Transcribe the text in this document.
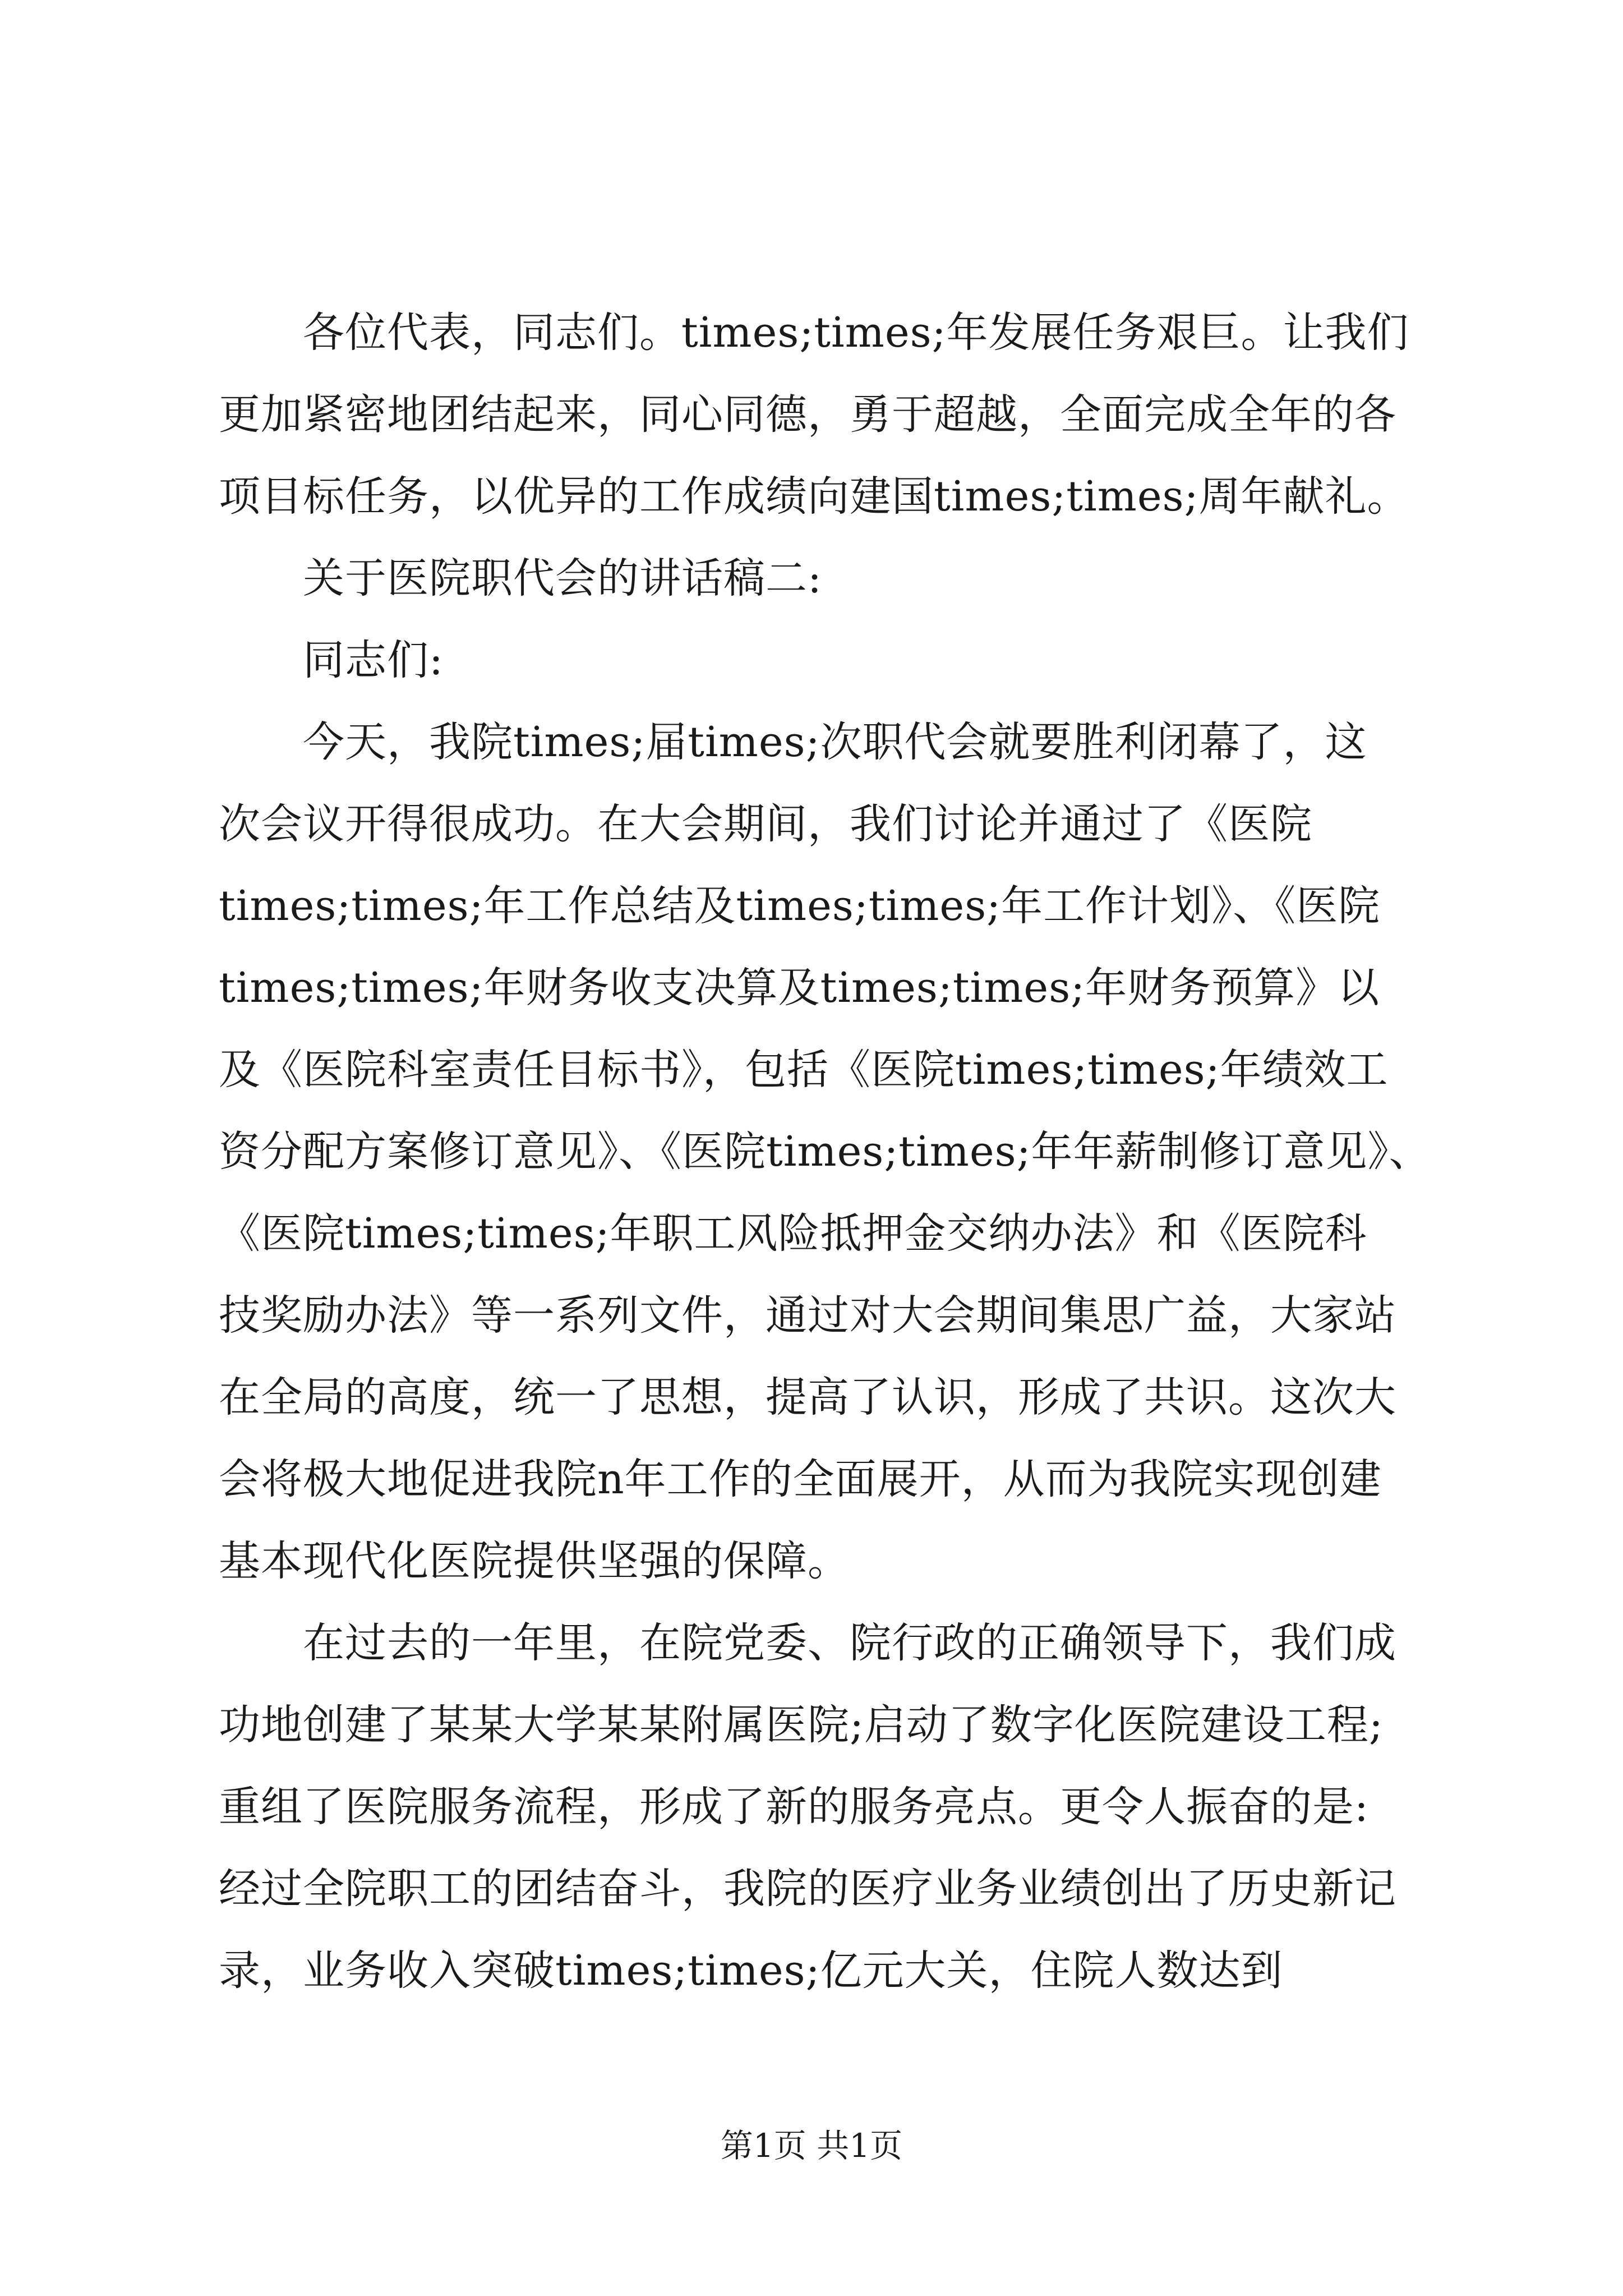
各位代表，同志们。times;times;年发展任务艰巨。让我们
更加紧密地团结起来，同心同德，勇于超越，全面完成全年的各
项目标任务，以优异的工作成绩向建国times;times;周年献礼。
关于医院职代会的讲话稿二:
同志们:
今天，我院times;届times;次职代会就要胜利闭幕了，这
次会议开得很成功。在大会期间，我们讨论并通过了《医院
times;times;年工作总结及times;times;年工作计划》、《医院
times;times;年财务收支决算及times;times;年财务预算》以
及《医院科室责任目标书》，包括《医院times;times;年绩效工
资分配方案修订意见》、《医院times;times;年年薪制修订意见》、
《医院times;times;年职工风险抵押金交纳办法》和《医院科
技奖励办法》等一系列文件，通过对大会期间集思广益，大家站
在全局的高度，统一了思想，提高了认识，形成了共识。这次大
会将极大地促进我院n年工作的全面展开，从而为我院实现创建
基本现代化医院提供坚强的保障。
在过去的一年里，在院党委、院行政的正确领导下，我们成
功地创建了某某大学某某附属医院;启动了数字化医院建设工程;
重组了医院服务流程，形成了新的服务亮点。更令人振奋的是:
经过全院职工的团结奋斗，我院的医疗业务业绩创出了历史新记
录，业务收入突破times;times;亿元大关，住院人数达到
第1页 共1页
